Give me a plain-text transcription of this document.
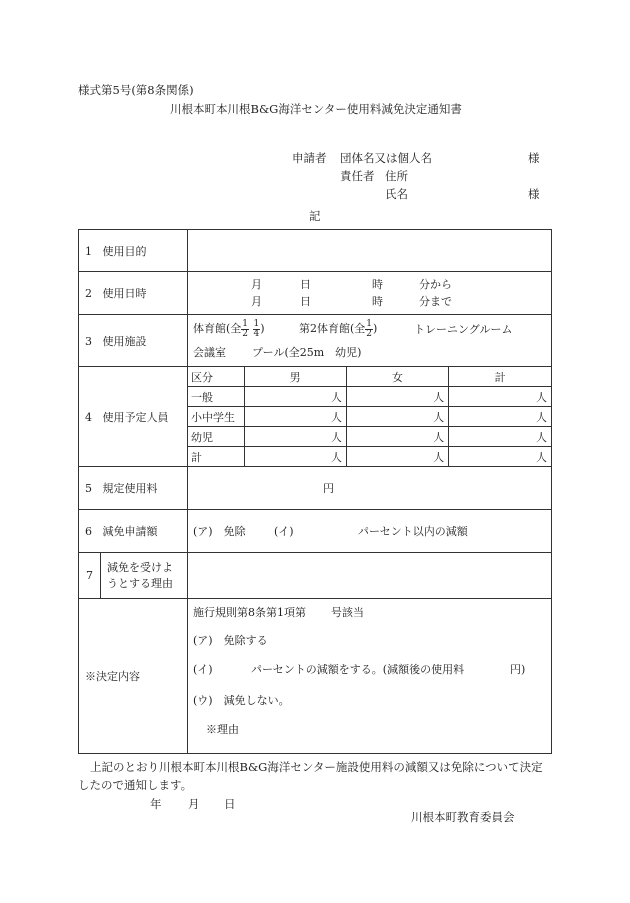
様式第5号(第8条関係)
川根本町本川根B&G海洋センター使用料減免決定通知書
申請者 団体名又は個人名	様
責任者 住所
氏名	様
記
1 使用目的	
2 使用日時	
月	日	時	分から
月	日	時	分まで

3 使用施設	
体育館(全 $\frac{1}{2}$
$\frac{1}{4}$ )	第2体育館(全 $\frac{1}{2}$ )	トレーニングルーム
会議室 プール(全25m　幼児)

4 使用予定人員	
区分	男	女	計
一般	人	人	人
小中学生	人	人	人
幼児	人	人	人
計	人	人	人

5 規定使用料	円

6 減免申請額	(ア)　免除	(イ)	パーセント以内の減額

7
減免を受けよ
うとする理由

※決定内容	
施行規則第8条第1項第 号該当
(ア)　免除する
(イ)	パーセントの減額をする。(減額後の使用料	円)
(ウ)　減免しない。
※理由
上記のとおり川根本町本川根B&G海洋センター施設使用料の減額又は免除について決定
したので通知します。
年 月 日
川根本町教育委員会
